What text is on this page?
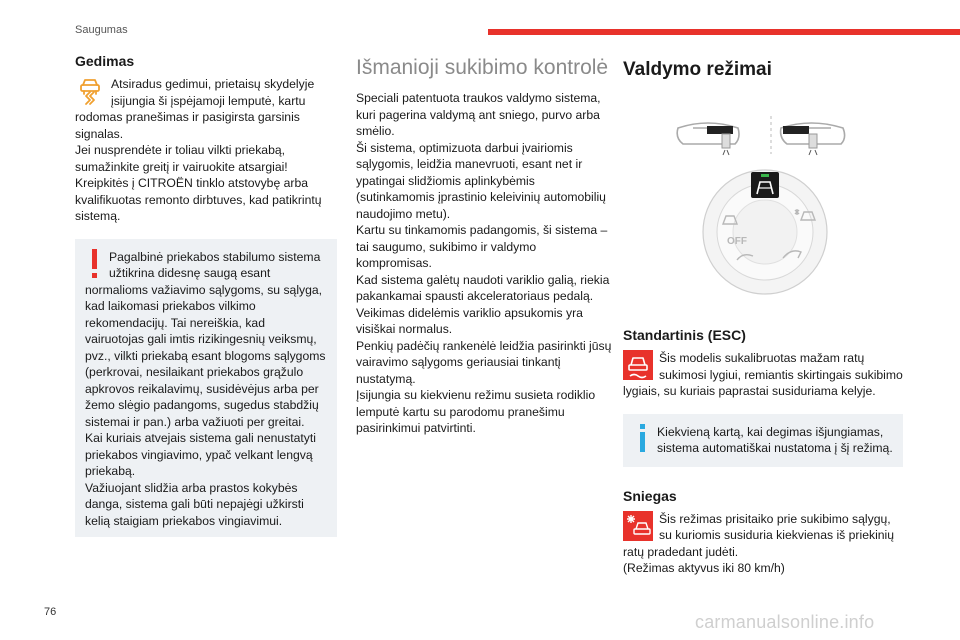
Saugumas
Gedimas

Atsiradus gedimui, prietaisų skydelyje įsijungia ši įspėjamoji lemputė, kartu rodomas pranešimas ir pasigirsta garsinis signalas.

Jei nusprendėte ir toliau vilkti priekabą, sumažinkite greitį ir vairuokite atsargiai!

Kreipkitės į CITROËN tinklo atstovybę arba kvalifikuotas remonto dirbtuves, kad patikrintų sistemą.

Pagalbinė priekabos stabilumo sistema užtikrina didesnę saugą esant normalioms važiavimo sąlygoms, su sąlyga, kad laikomasi priekabos vilkimo rekomendacijų. Tai nereiškia, kad vairuotojas gali imtis rizikingesnių veiksmų, pvz., vilkti priekabą esant blogoms sąlygoms (perkrovai, nesilaikant priekabos grąžulo apkrovos reikalavimų, susidėvėjus arba per žemo slėgio padangoms, sugedus stabdžių sistemai ir pan.) arba važiuoti per greitai.

Kai kuriais atvejais sistema gali nenustatyti priekabos vingiavimo, ypač velkant lengvą priekabą.

Važiuojant slidžia arba prastos kokybės danga, sistema gali būti nepajėgi užkirsti kelią staigiam priekabos vingiavimui.

Išmanioji sukibimo kontrolė

Speciali patentuota traukos valdymo sistema, kuri pagerina valdymą ant sniego, purvo arba smėlio.

Ši sistema, optimizuota darbui įvairiomis sąlygomis, leidžia manevruoti, esant net ir ypatingai slidžiomis aplinkybėmis (sutinkamomis įprastinio keleivinių automobilių naudojimo metu).

Kartu su tinkamomis padangomis, ši sistema – tai saugumo, sukibimo ir valdymo kompromisas.

Kad sistema galėtų naudoti variklio galią, riekia pakankamai spausti akceleratoriaus pedalą.

Veikimas didelėmis variklio apsukomis yra visiškai normalus.

Penkių padėčių rankenėlė leidžia pasirinkti jūsų vairavimo sąlygoms geriausiai tinkantį nustatymą.

Įsijungia su kiekvienu režimu susieta rodiklio lemputė kartu su parodomu pranešimu pasirinkimui patvirtinti.

Valdymo režimai
OFF
Standartinis (ESC)

Šis modelis sukalibruotas mažam ratų sukimosi lygiui, remiantis skirtingais sukibimo lygiais, su kuriais paprastai susiduriama kelyje.

Kiekvieną kartą, kai degimas išjungiamas, sistema automatiškai nustatoma į šį režimą.

Sniegas

Šis režimas prisitaiko prie sukibimo sąlygų, su kuriomis susiduria kiekvienas iš priekinių ratų pradedant judėti.

(Režimas aktyvus iki 80 km/h)

76	carmanualsonline.info
